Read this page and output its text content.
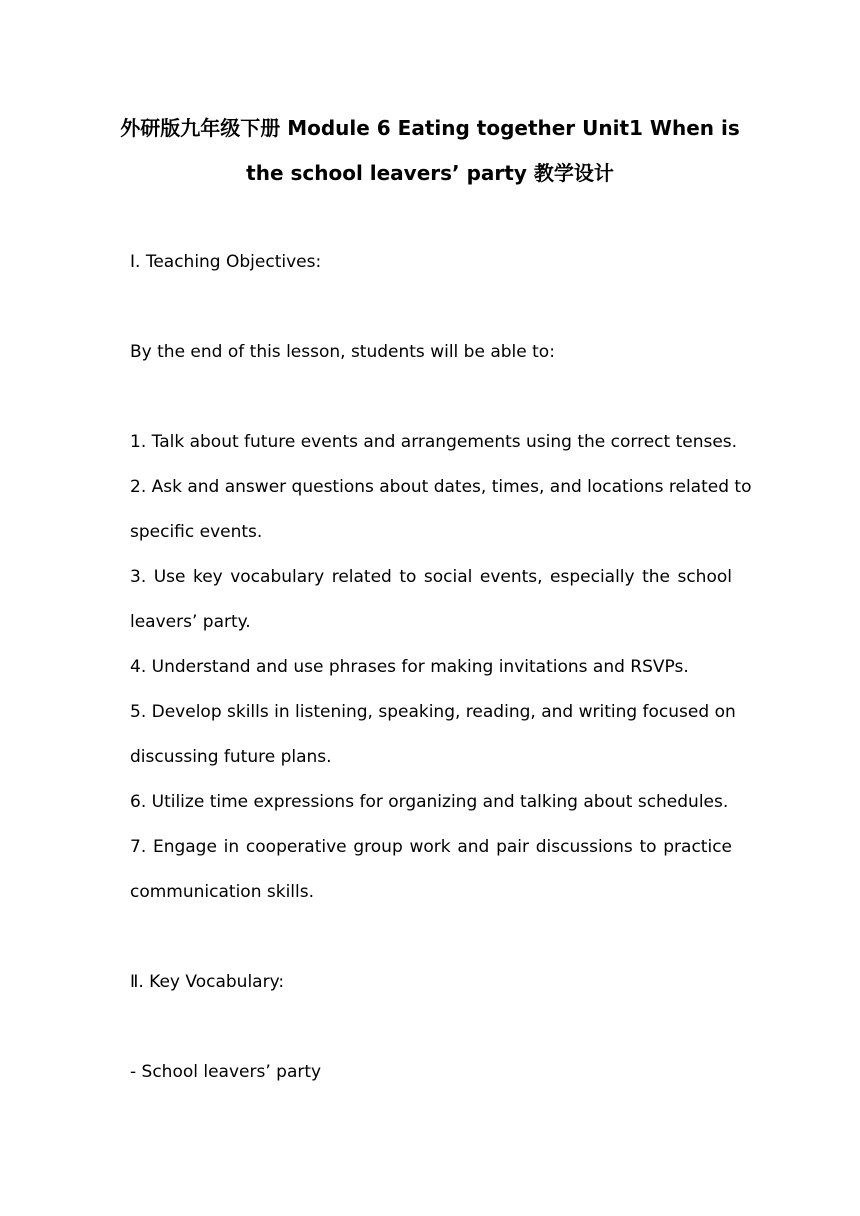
外研版九年级下册 Module 6 Eating together Unit1 When is
the school leavers’ party 教学设计
I. Teaching Objectives:
By the end of this lesson, students will be able to:
1. Talk about future events and arrangements using the correct tenses.
2. Ask and answer questions about dates, times, and locations related to
specific events.
3. Use key vocabulary related to social events, especially the school
leavers’ party.
4. Understand and use phrases for making invitations and RSVPs.
5. Develop skills in listening, speaking, reading, and writing focused on
discussing future plans.
6. Utilize time expressions for organizing and talking about schedules.
7. Engage in cooperative group work and pair discussions to practice
communication skills.
Ⅱ. Key Vocabulary:
- School leavers’ party
